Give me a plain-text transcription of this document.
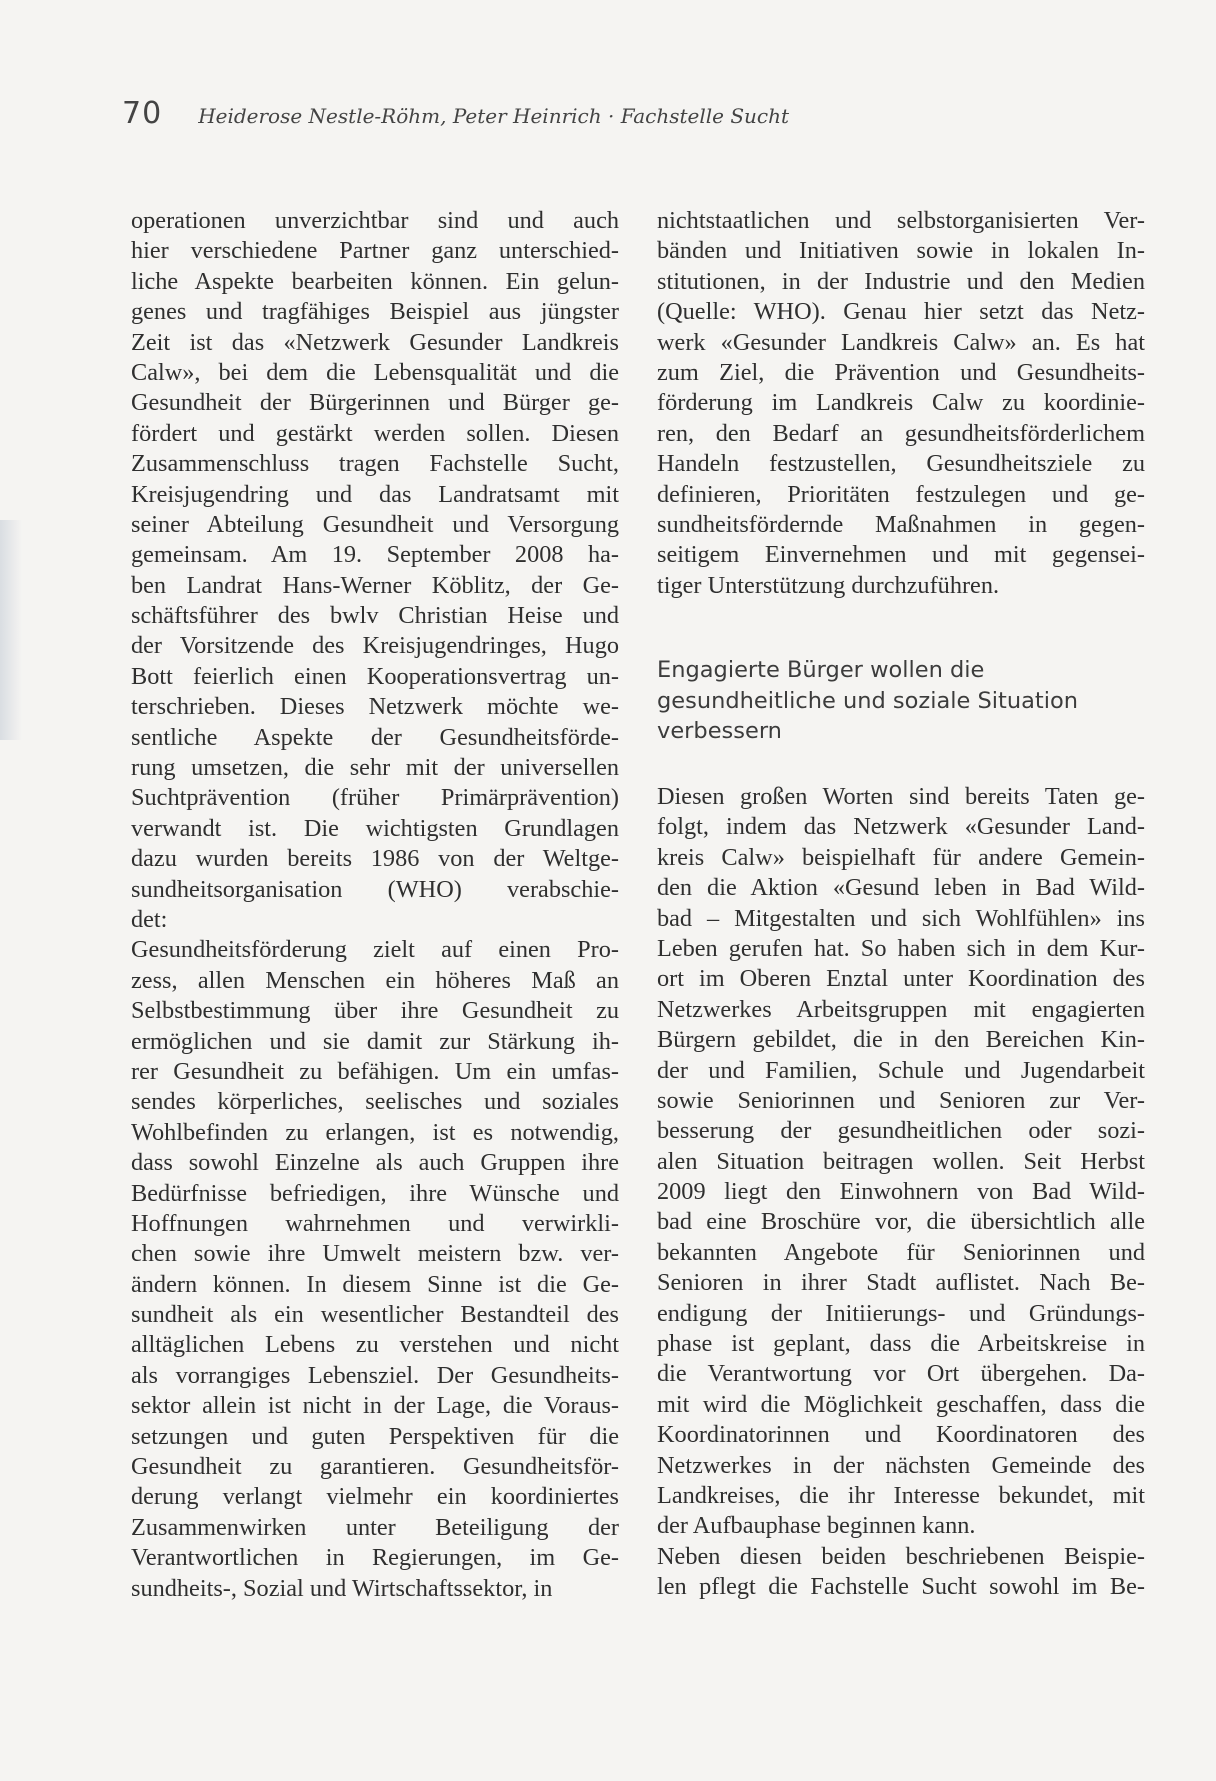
70 Heiderose Nestle-Röhm, Peter Heinrich · Fachstelle Sucht
operationen unverzichtbar sind und auch
hier verschiedene Partner ganz unterschied-
liche Aspekte bearbeiten können. Ein gelun-
genes und tragfähiges Beispiel aus jüngster
Zeit ist das «Netzwerk Gesunder Landkreis
Calw», bei dem die Lebensqualität und die
Gesundheit der Bürgerinnen und Bürger ge-
fördert und gestärkt werden sollen. Diesen
Zusammenschluss tragen Fachstelle Sucht,
Kreisjugendring und das Landratsamt mit
seiner Abteilung Gesundheit und Versorgung
gemeinsam. Am 19. September 2008 ha-
ben Landrat Hans-Werner Köblitz, der Ge-
schäftsführer des bwlv Christian Heise und
der Vorsitzende des Kreisjugendringes, Hugo
Bott feierlich einen Kooperationsvertrag un-
terschrieben. Dieses Netzwerk möchte we-
sentliche Aspekte der Gesundheitsförde-
rung umsetzen, die sehr mit der universellen
Suchtprävention (früher Primärprävention)
verwandt ist. Die wichtigsten Grundlagen
dazu wurden bereits 1986 von der Weltge-
sundheitsorganisation (WHO) verabschie-
det:
Gesundheitsförderung zielt auf einen Pro-
zess, allen Menschen ein höheres Maß an
Selbstbestimmung über ihre Gesundheit zu
ermöglichen und sie damit zur Stärkung ih-
rer Gesundheit zu befähigen. Um ein umfas-
sendes körperliches, seelisches und soziales
Wohlbefinden zu erlangen, ist es notwendig,
dass sowohl Einzelne als auch Gruppen ihre
Bedürfnisse befriedigen, ihre Wünsche und
Hoffnungen wahrnehmen und verwirkli-
chen sowie ihre Umwelt meistern bzw. ver-
ändern können. In diesem Sinne ist die Ge-
sundheit als ein wesentlicher Bestandteil des
alltäglichen Lebens zu verstehen und nicht
als vorrangiges Lebensziel. Der Gesundheits-
sektor allein ist nicht in der Lage, die Voraus-
setzungen und guten Perspektiven für die
Gesundheit zu garantieren. Gesundheitsför-
derung verlangt vielmehr ein koordiniertes
Zusammenwirken unter Beteiligung der
Verantwortlichen in Regierungen, im Ge-
sundheits-, Sozial und Wirtschaftssektor, in
nichtstaatlichen und selbstorganisierten Ver-
bänden und Initiativen sowie in lokalen In-
stitutionen, in der Industrie und den Medien
(Quelle: WHO). Genau hier setzt das Netz-
werk «Gesunder Landkreis Calw» an. Es hat
zum Ziel, die Prävention und Gesundheits-
förderung im Landkreis Calw zu koordinie-
ren, den Bedarf an gesundheitsförderlichem
Handeln festzustellen, Gesundheitsziele zu
definieren, Prioritäten festzulegen und ge-
sundheitsfördernde Maßnahmen in gegen-
seitigem Einvernehmen und mit gegensei-
tiger Unterstützung durchzuführen.
Engagierte Bürger wollen die
gesundheitliche und soziale Situation
verbessern
Diesen großen Worten sind bereits Taten ge-
folgt, indem das Netzwerk «Gesunder Land-
kreis Calw» beispielhaft für andere Gemein-
den die Aktion «Gesund leben in Bad Wild-
bad – Mitgestalten und sich Wohlfühlen» ins
Leben gerufen hat. So haben sich in dem Kur-
ort im Oberen Enztal unter Koordination des
Netzwerkes Arbeitsgruppen mit engagierten
Bürgern gebildet, die in den Bereichen Kin-
der und Familien, Schule und Jugendarbeit
sowie Seniorinnen und Senioren zur Ver-
besserung der gesundheitlichen oder sozi-
alen Situation beitragen wollen. Seit Herbst
2009 liegt den Einwohnern von Bad Wild-
bad eine Broschüre vor, die übersichtlich alle
bekannten Angebote für Seniorinnen und
Senioren in ihrer Stadt auflistet. Nach Be-
endigung der Initiierungs- und Gründungs-
phase ist geplant, dass die Arbeitskreise in
die Verantwortung vor Ort übergehen. Da-
mit wird die Möglichkeit geschaffen, dass die
Koordinatorinnen und Koordinatoren des
Netzwerkes in der nächsten Gemeinde des
Landkreises, die ihr Interesse bekundet, mit
der Aufbauphase beginnen kann.
Neben diesen beiden beschriebenen Beispie-
len pflegt die Fachstelle Sucht sowohl im Be-
